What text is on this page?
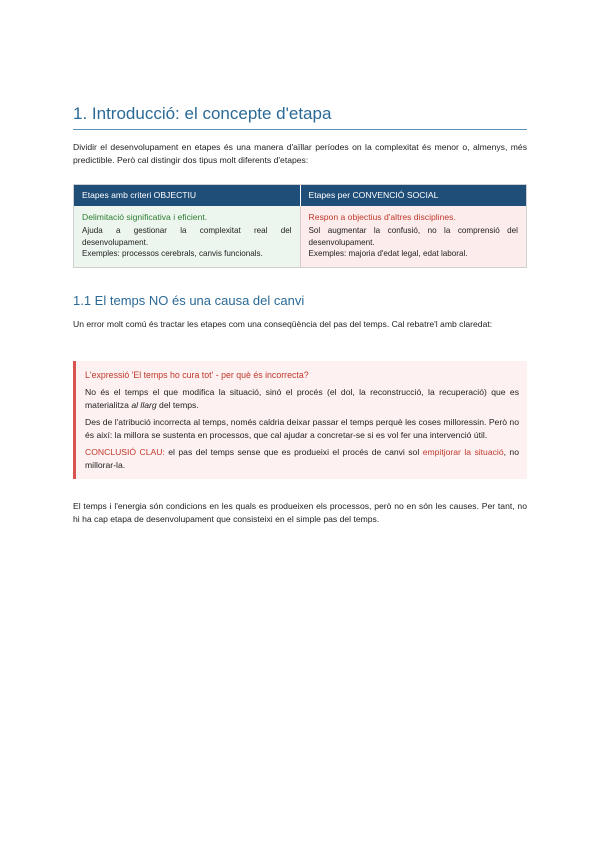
1. Introducció: el concepte d'etapa

Dividir el desenvolupament en etapes és una manera d'aïllar períodes on la complexitat és menor o, almenys, més predictible. Però cal distingir dos tipus molt diferents d'etapes:

Etapes amb criteri OBJECTIU	Etapes per CONVENCIÓ SOCIAL

Delimitació significativa i eficient.

Ajuda a gestionar la complexitat real del desenvolupament.

Exemples: processos cerebrals, canvis funcionals.

Respon a objectius d'altres disciplines.

Sol augmentar la confusió, no la comprensió del desenvolupament.

Exemples: majoria d'edat legal, edat laboral.

1.1 El temps NO és una causa del canvi

Un error molt comú és tractar les etapes com una conseqüència del pas del temps. Cal rebatre'l amb claredat:

L'expressió 'El temps ho cura tot' - per què és incorrecta?

No és el temps el que modifica la situació, sinó el procés (el dol, la reconstrucció, la recuperació) que es materialitza al llarg del temps.

Des de l'atribució incorrecta al temps, només caldria deixar passar el temps perquè les coses milloressin. Però no és així: la millora se sustenta en processos, que cal ajudar a concretar-se si es vol fer una intervenció útil.

CONCLUSIÓ CLAU: el pas del temps sense que es produeixi el procés de canvi sol empitjorar la situació, no millorar-la.

El temps i l'energia són condicions en les quals es produeixen els processos, però no en són les causes. Per tant, no hi ha cap etapa de desenvolupament que consisteixi en el simple pas del temps.
